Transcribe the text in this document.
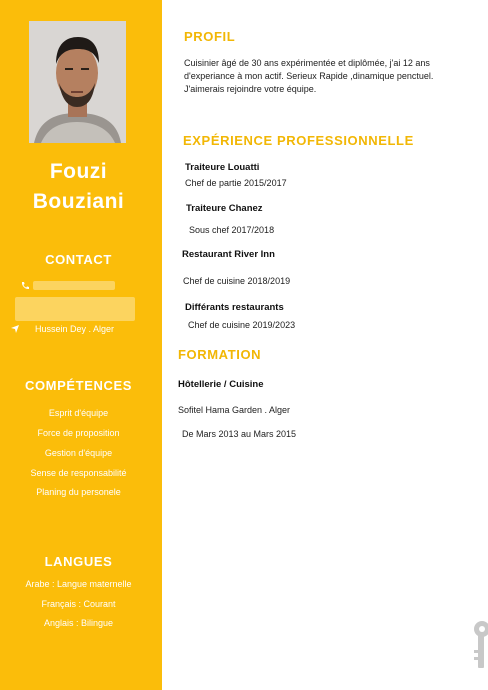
Fouzi
Bouziani
CONTACT
Hussein Dey . Alger
COMPÉTENCES
Esprit d'équipe
Force de proposition
Gestion d'équipe
Sense de responsabilité
Planing du personele
LANGUES
Arabe : Langue maternelle
Français : Courant
Anglais : Bilingue
PROFIL
Cuisinier âgé de 30 ans expérimentée et diplômée, j'ai 12 ans
d'experiance à mon actif. Serieux Rapide ,dinamique penctuel.
J'aimerais rejoindre votre équipe.
EXPÉRIENCE PROFESSIONNELLE
Traiteure Louatti
Chef de partie 2015/2017
Traiteure Chanez
Sous chef 2017/2018
Restaurant River Inn
Chef de cuisine 2018/2019
Différants restaurants
Chef de cuisine 2019/2023
FORMATION
Hôtellerie / Cuisine
Sofitel Hama Garden . Alger
De Mars 2013 au Mars 2015
